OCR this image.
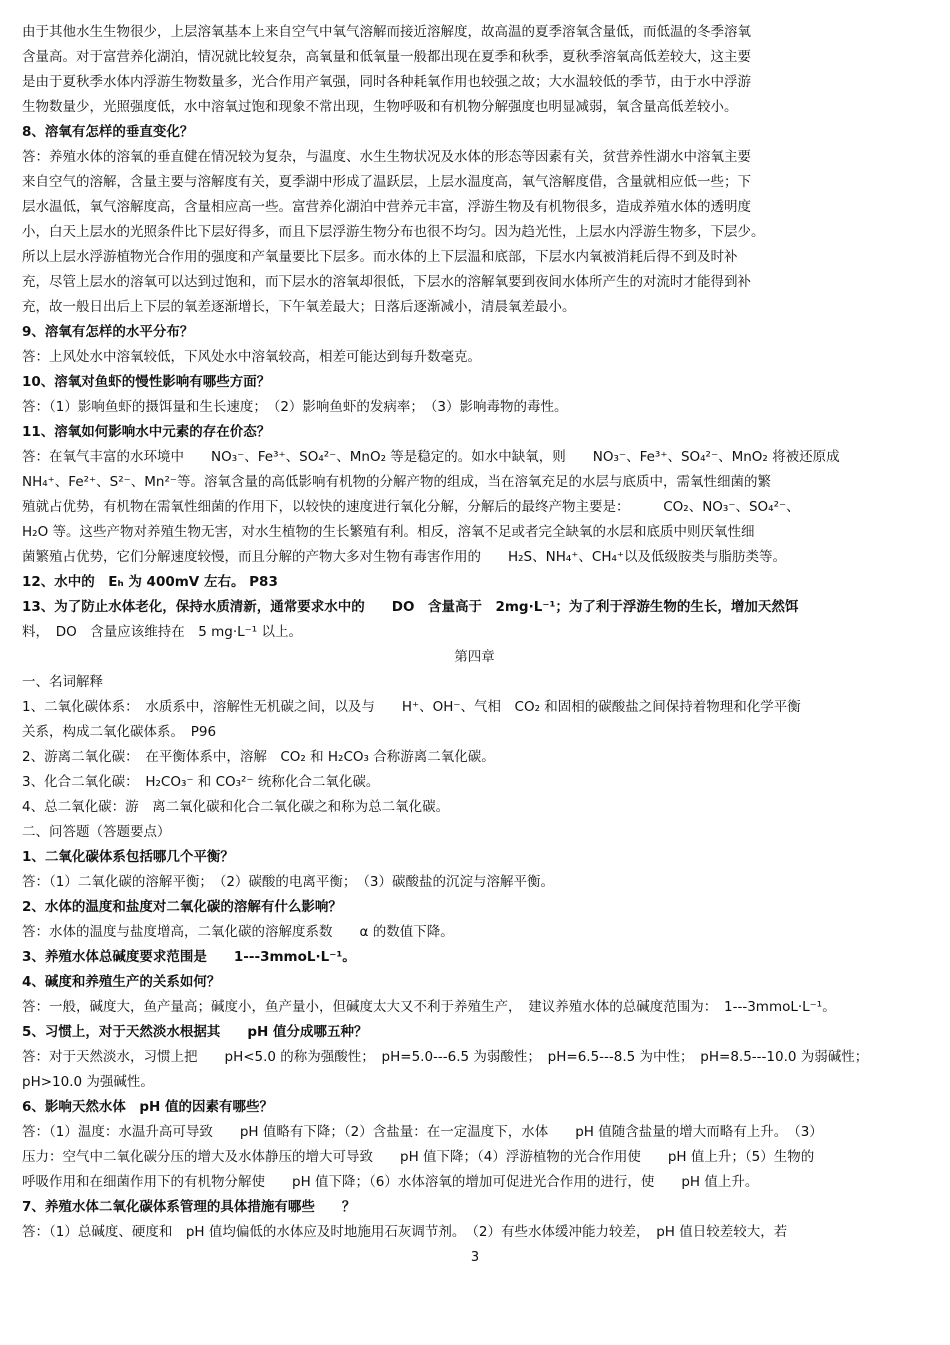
由于其他水生生物很少，上层溶氧基本上来自空气中氧气溶解而接近溶解度，故高温的夏季溶氧含量低，而低温的冬季溶氧
含量高。对于富营养化湖泊，情况就比较复杂，高氧量和低氧量一般都出现在夏季和秋季，夏秋季溶氧高低差较大，这主要
是由于夏秋季水体内浮游生物数量多，光合作用产氧强，同时各种耗氧作用也较强之故；大水温较低的季节，由于水中浮游
生物数量少，光照强度低，水中溶氧过饱和现象不常出现，生物呼吸和有机物分解强度也明显减弱，氧含量高低差较小。
8、溶氧有怎样的垂直变化？
答：养殖水体的溶氧的垂直健在情况较为复杂，与温度、水生生物状况及水体的形态等因素有关，贫营养性湖水中溶氧主要
来自空气的溶解，含量主要与溶解度有关，夏季湖中形成了温跃层，上层水温度高，氧气溶解度借，含量就相应低一些；下
层水温低，氧气溶解度高，含量相应高一些。富营养化湖泊中营养元丰富，浮游生物及有机物很多，造成养殖水体的透明度
小，白天上层水的光照条件比下层好得多，而且下层浮游生物分布也很不均匀。因为趋光性，上层水内浮游生物多，下层少。
所以上层水浮游植物光合作用的强度和产氧量要比下层多。而水体的上下层温和底部，下层水内氧被消耗后得不到及时补
充，尽管上层水的溶氧可以达到过饱和，而下层水的溶氧却很低，下层水的溶解氧要到夜间水体所产生的对流时才能得到补
充，故一般日出后上下层的氧差逐渐增长，下午氧差最大；日落后逐渐减小，清晨氧差最小。
9、溶氧有怎样的水平分布？
答：上风处水中溶氧较低，下风处水中溶氧较高，相差可能达到每升数毫克。
10、溶氧对鱼虾的慢性影响有哪些方面？
答：（1）影响鱼虾的摄饵量和生长速度；　（2）影响鱼虾的发病率；　（3）影响毒物的毒性。
11、溶氧如何影响水中元素的存在价态？
答：在氧气丰富的水环境中　　NO₃⁻、Fe³⁺、SO₄²⁻、MnO₂ 等是稳定的。如水中缺氧，则　　NO₃⁻、Fe³⁺、SO₄²⁻、MnO₂ 将被还原成
NH₄⁺、Fe²⁺、S²⁻、Mn²⁻等。溶氧含量的高低影响有机物的分解产物的组成，当在溶氧充足的水层与底质中，需氧性细菌的繁
殖就占优势，有机物在需氧性细菌的作用下，以较快的速度进行氧化分解，分解后的最终产物主要是：　　　CO₂、NO₃⁻、SO₄²⁻、
H₂O 等。这些产物对养殖生物无害，对水生植物的生长繁殖有利。相反，溶氧不足或者完全缺氧的水层和底质中则厌氧性细
菌繁殖占优势，它们分解速度较慢，而且分解的产物大多对生物有毒害作用的　　H₂S、NH₄⁺、CH₄⁺以及低级胺类与脂肪类等。
12、水中的　Eₕ 为 400mV 左右。 P83
13、为了防止水体老化，保持水质清新，通常要求水中的　　DO　含量高于　2mg·L⁻¹；为了利于浮游生物的生长，增加天然饵
料，　DO　含量应该维持在　5 mg·L⁻¹ 以上。
第四章
一、名词解释
1、二氧化碳体系：　水质系中，溶解性无机碳之间，以及与　　H⁺、OH⁻、气相　CO₂ 和固相的碳酸盐之间保持着物理和化学平衡
关系，构成二氧化碳体系。　P96
2、游离二氧化碳：　在平衡体系中，溶解　CO₂ 和 H₂CO₃ 合称游离二氧化碳。
3、化合二氧化碳：　H₂CO₃⁻ 和 CO₃²⁻ 统称化合二氧化碳。
4、总二氧化碳：游　离二氧化碳和化合二氧化碳之和称为总二氧化碳。
二、问答题（答题要点）
1、二氧化碳体系包括哪几个平衡？
答：（1）二氧化碳的溶解平衡；　（2）碳酸的电离平衡；　（3）碳酸盐的沉淀与溶解平衡。
2、水体的温度和盐度对二氧化碳的溶解有什么影响？
答：水体的温度与盐度增高，二氧化碳的溶解度系数　　α 的数值下降。
3、养殖水体总碱度要求范围是　　1---3mmoL·L⁻¹。
4、碱度和养殖生产的关系如何？
答：一般，碱度大，鱼产量高；碱度小，鱼产量小，但碱度太大又不利于养殖生产，　建议养殖水体的总碱度范围为：　1---3mmoL·L⁻¹。
5、习惯上，对于天然淡水根据其　　pH 值分成哪五种？
答：对于天然淡水，习惯上把　　pH<5.0 的称为强酸性；　pH=5.0---6.5 为弱酸性；　pH=6.5---8.5 为中性；　pH=8.5---10.0 为弱碱性；
pH>10.0 为强碱性。
6、影响天然水体　pH 值的因素有哪些？
答：（1）温度：水温升高可导致　　pH 值略有下降；（2）含盐量：在一定温度下，水体　　pH 值随含盐量的增大而略有上升。　（3）
压力：空气中二氧化碳分压的增大及水体静压的增大可导致　　pH 值下降；（4）浮游植物的光合作用使　　pH 值上升；（5）生物的
呼吸作用和在细菌作用下的有机物分解使　　pH 值下降；（6）水体溶氧的增加可促进光合作用的进行，使　　pH 值上升。
7、养殖水体二氧化碳体系管理的具体措施有哪些　　？
答：（1）总碱度、硬度和　pH 值均偏低的水体应及时地施用石灰调节剂。　（2）有些水体缓冲能力较差，　pH 值日较差较大，若
3
